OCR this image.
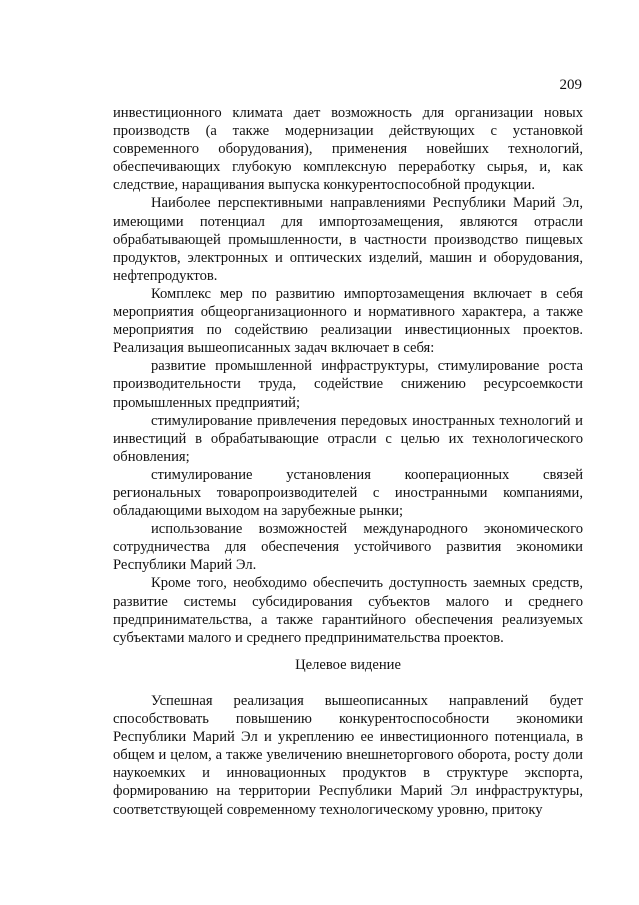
209

инвестиционного климата дает возможность для организации новых производств (а также модернизации действующих с установкой современного оборудования), применения новейших технологий, обеспечивающих глубокую комплексную переработку сырья, и, как следствие, наращивания выпуска конкурентоспособной продукции.

Наиболее перспективными направлениями Республики Марий Эл, имеющими потенциал для импортозамещения, являются отрасли обрабатывающей промышленности, в частности производство пищевых продуктов, электронных и оптических изделий, машин и оборудования, нефтепродуктов.

Комплекс мер по развитию импортозамещения включает в себя мероприятия общеорганизационного и нормативного характера, а также мероприятия по содействию реализации инвестиционных проектов. Реализация вышеописанных задач включает в себя:

развитие промышленной инфраструктуры, стимулирование роста производительности труда, содействие снижению ресурсоемкости промышленных предприятий;

стимулирование привлечения передовых иностранных технологий и инвестиций в обрабатывающие отрасли с целью их технологического обновления;

стимулирование установления кооперационных связей региональных товаропроизводителей с иностранными компаниями, обладающими выходом на зарубежные рынки;

использование возможностей международного экономического сотрудничества для обеспечения устойчивого развития экономики Республики Марий Эл.

Кроме того, необходимо обеспечить доступность заемных средств, развитие системы субсидирования субъектов малого и среднего предпринимательства, а также гарантийного обеспечения реализуемых субъектами малого и среднего предпринимательства проектов.

Целевое видение

Успешная реализация вышеописанных направлений будет способствовать повышению конкурентоспособности экономики Республики Марий Эл и укреплению ее инвестиционного потенциала, в общем и целом, а также увеличению внешнеторгового оборота, росту доли наукоемких и инновационных продуктов в структуре экспорта, формированию на территории Республики Марий Эл инфраструктуры, соответствующей современному технологическому уровню, притоку
